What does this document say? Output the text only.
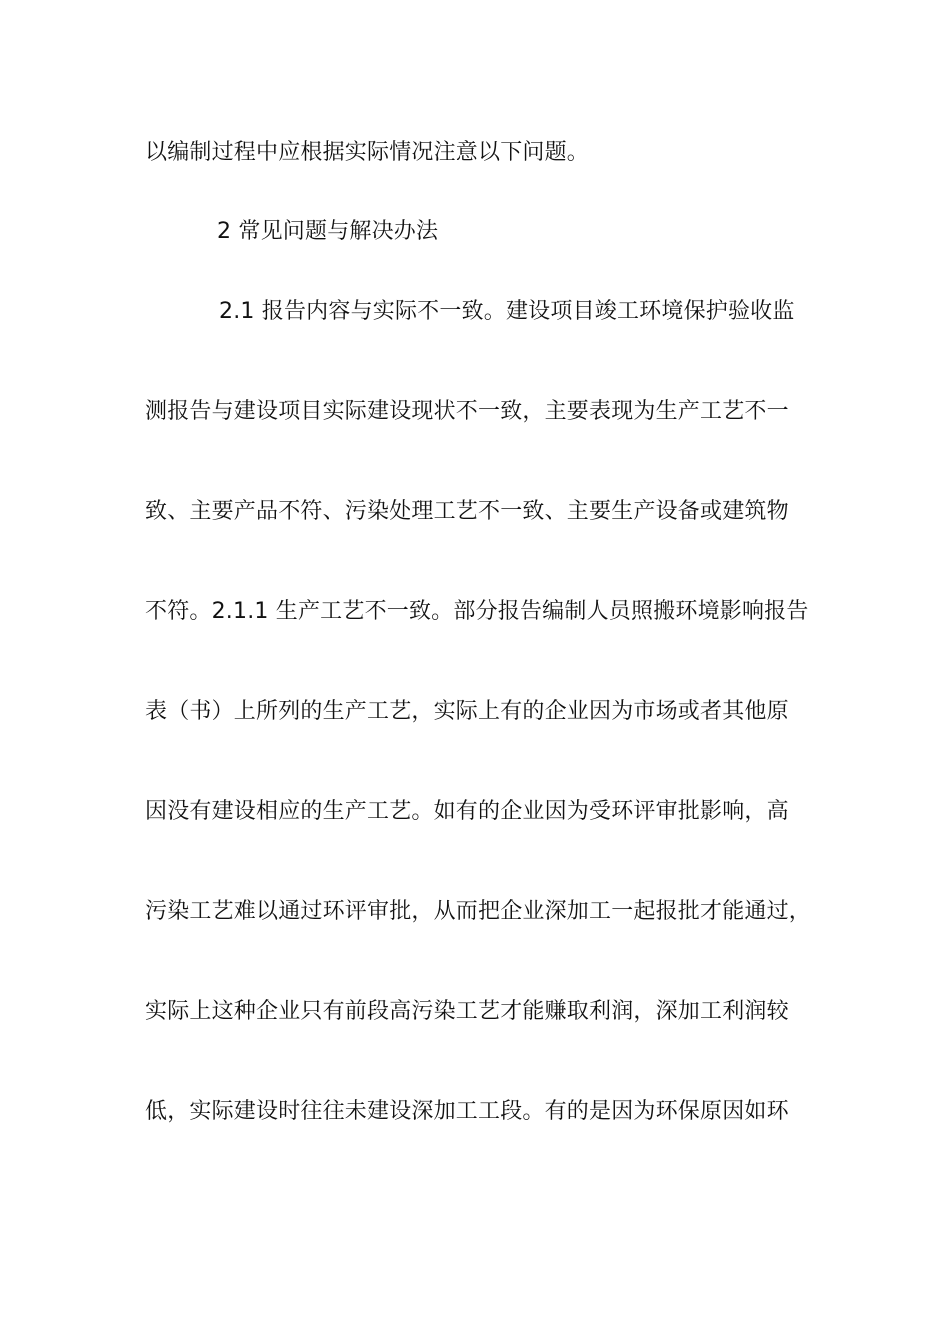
以编制过程中应根据实际情况注意以下问题。
2 常见问题与解决办法
2.1 报告内容与实际不一致。建设项目竣工环境保护验收监
测报告与建设项目实际建设现状不一致，主要表现为生产工艺不一
致、主要产品不符、污染处理工艺不一致、主要生产设备或建筑物
不符。2.1.1 生产工艺不一致。部分报告编制人员照搬环境影响报告
表（书）上所列的生产工艺，实际上有的企业因为市场或者其他原
因没有建设相应的生产工艺。如有的企业因为受环评审批影响，高
污染工艺难以通过环评审批，从而把企业深加工一起报批才能通过，
实际上这种企业只有前段高污染工艺才能赚取利润，深加工利润较
低，实际建设时往往未建设深加工工段。有的是因为环保原因如环
